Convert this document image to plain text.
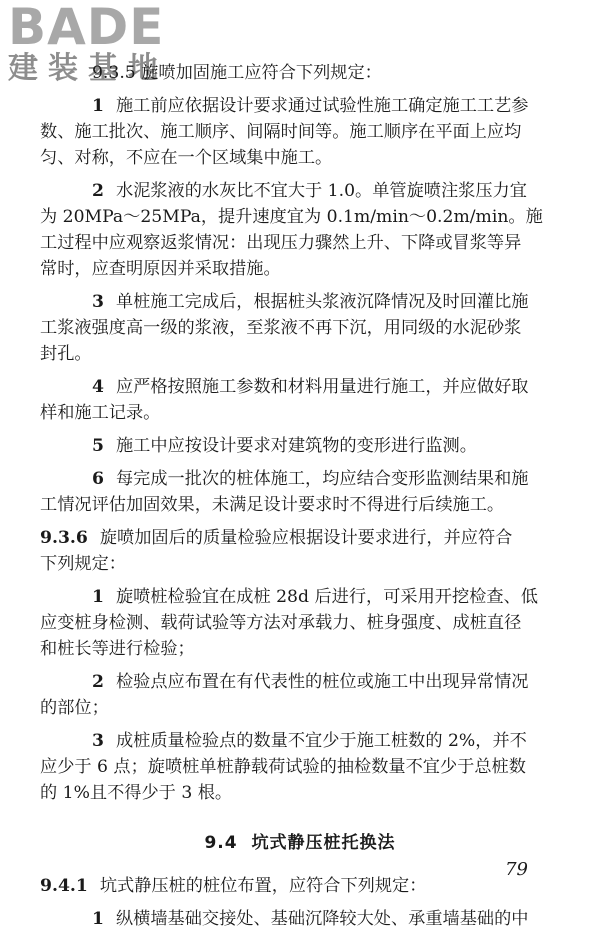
BADE
建装基地

9.3.5 旋喷加固施工应符合下列规定：

1 施工前应依据设计要求通过试验性施工确定施工工艺参

数、施工批次、施工顺序、间隔时间等。施工顺序在平面上应均

匀、对称，不应在一个区域集中施工。

2 水泥浆液的水灰比不宜大于 1.0。单管旋喷注浆压力宜

为 20MPa～25MPa，提升速度宜为 0.1m/min～0.2m/min。施

工过程中应观察返浆情况：出现压力骤然上升、下降或冒浆等异

常时，应查明原因并采取措施。

3 单桩施工完成后，根据桩头浆液沉降情况及时回灌比施

工浆液强度高一级的浆液，至浆液不再下沉，用同级的水泥砂浆

封孔。

4 应严格按照施工参数和材料用量进行施工，并应做好取

样和施工记录。

5 施工中应按设计要求对建筑物的变形进行监测。

6 每完成一批次的桩体施工，均应结合变形监测结果和施

工情况评估加固效果，未满足设计要求时不得进行后续施工。

9.3.6 旋喷加固后的质量检验应根据设计要求进行，并应符合

下列规定：

1 旋喷桩检验宜在成桩 28d 后进行，可采用开挖检查、低

应变桩身检测、载荷试验等方法对承载力、桩身强度、成桩直径

和桩长等进行检验；

2 检验点应布置在有代表性的桩位或施工中出现异常情况

的部位；

3 成桩质量检验点的数量不宜少于施工桩数的 2%，并不

应少于 6 点；旋喷桩单桩静载荷试验的抽检数量不宜少于总桩数

的 1%且不得少于 3 根。

9.4 坑式静压桩托换法

9.4.1 坑式静压桩的桩位布置，应符合下列规定：

1 纵横墙基础交接处、基础沉降较大处、承重墙基础的中

79
